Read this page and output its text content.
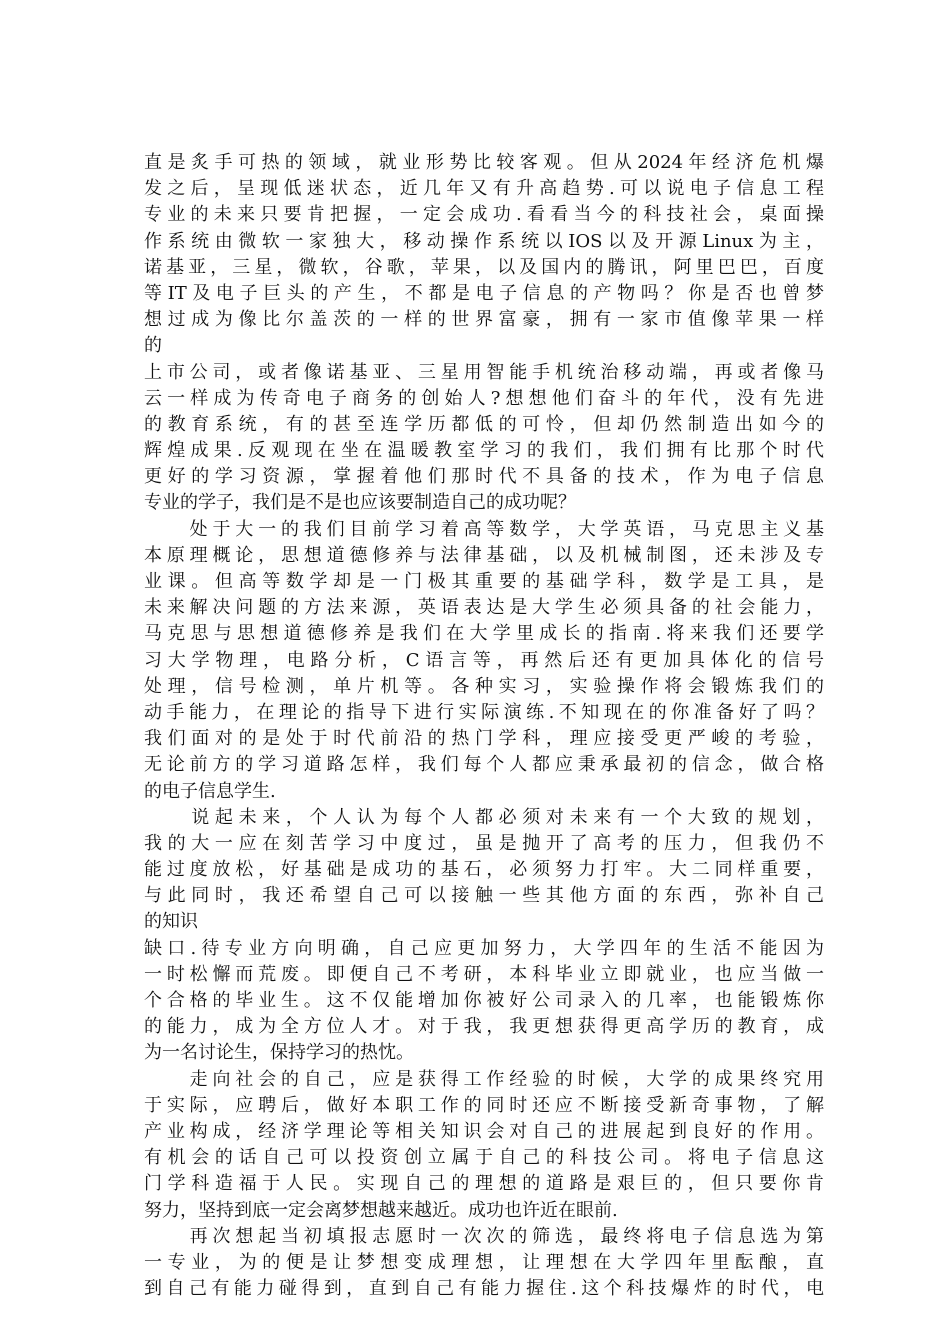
直是炙手可热的领域，就业形势比较客观。但从2024年经济危机爆
发之后，呈现低迷状态，近几年又有升高趋势.可以说电子信息工程
专业的未来只要肯把握，一定会成功.看看当今的科技社会，桌面操
作系统由微软一家独大，移动操作系统以IOS以及开源Linux为主，
诺基亚，三星，微软，谷歌，苹果，以及国内的腾讯，阿里巴巴，百度
等IT及电子巨头的产生，不都是电子信息的产物吗？你是否也曾梦
想过成为像比尔盖茨的一样的世界富豪，拥有一家市值像苹果一样
的
上市公司，或者像诺基亚、三星用智能手机统治移动端，再或者像马
云一样成为传奇电子商务的创始人?想想他们奋斗的年代，没有先进
的教育系统，有的甚至连学历都低的可怜，但却仍然制造出如今的
辉煌成果.反观现在坐在温暖教室学习的我们，我们拥有比那个时代
更好的学习资源，掌握着他们那时代不具备的技术，作为电子信息
专业的学子，我们是不是也应该要制造自己的成功呢？
　　处于大一的我们目前学习着高等数学，大学英语，马克思主义基
本原理概论，思想道德修养与法律基础，以及机械制图，还未涉及专
业课。但高等数学却是一门极其重要的基础学科，数学是工具，是
未来解决问题的方法来源，英语表达是大学生必须具备的社会能力，
马克思与思想道德修养是我们在大学里成长的指南.将来我们还要学
习大学物理，电路分析，C语言等，再然后还有更加具体化的信号
处理，信号检测，单片机等。各种实习，实验操作将会锻炼我们的
动手能力，在理论的指导下进行实际演练.不知现在的你准备好了吗？
我们面对的是处于时代前沿的热门学科，理应接受更严峻的考验，
无论前方的学习道路怎样，我们每个人都应秉承最初的信念，做合格
的电子信息学生.
　　说起未来，个人认为每个人都必须对未来有一个大致的规划，
我的大一应在刻苦学习中度过，虽是抛开了高考的压力，但我仍不
能过度放松，好基础是成功的基石，必须努力打牢。大二同样重要，
与此同时，我还希望自己可以接触一些其他方面的东西，弥补自己
的知识
缺口.待专业方向明确，自己应更加努力，大学四年的生活不能因为
一时松懈而荒废。即便自己不考研，本科毕业立即就业，也应当做一
个合格的毕业生。这不仅能增加你被好公司录入的几率，也能锻炼你
的能力，成为全方位人才。对于我，我更想获得更高学历的教育，成
为一名讨论生，保持学习的热忱。
　　走向社会的自己，应是获得工作经验的时候，大学的成果终究用
于实际，应聘后，做好本职工作的同时还应不断接受新奇事物，了解
产业构成，经济学理论等相关知识会对自己的进展起到良好的作用。
有机会的话自己可以投资创立属于自己的科技公司。将电子信息这
门学科造福于人民。实现自己的理想的道路是艰巨的，但只要你肯
努力，坚持到底一定会离梦想越来越近。成功也许近在眼前.
　　再次想起当初填报志愿时一次次的筛选，最终将电子信息选为第
一专业，为的便是让梦想变成理想，让理想在大学四年里酝酿，直
到自己有能力碰得到，直到自己有能力握住.这个科技爆炸的时代，电
